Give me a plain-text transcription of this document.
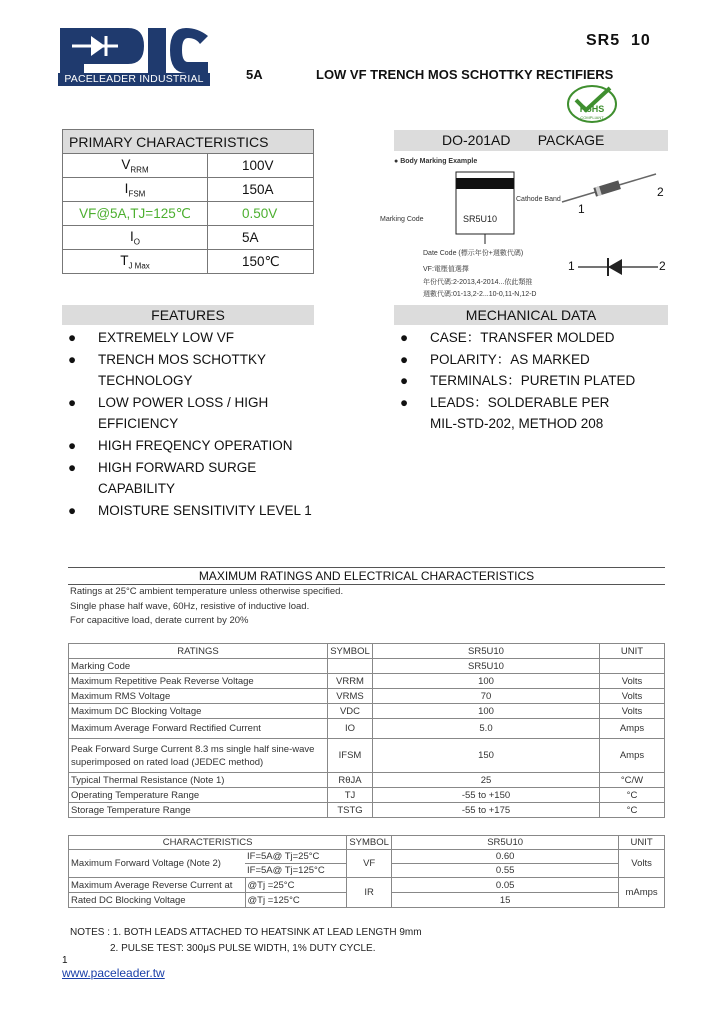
PACELEADER INDUSTRIAL
SR5  10
5A	LOW VF TRENCH MOS SCHOTTKY RECTIFIERS
RoHS
COMPLIANT
PRIMARY CHARACTERISTICS	
$V_{RRM}$	100V
$I_{FSM}$	150A
VF@5A,TJ=125℃	0.50V
$I_O$	5A
$T_{J Max}$	150℃
DO-201AD       PACKAGE
● Body Marking Example
SR5U10
Marking Code
Cathode Band
Date Code (標示年份+週數代碼)
1
2
1	2
VF:電壓值選擇
年份代碼:2-2013,4-2014...依此類推
週數代碼:01-13,2-2...10-0,11-N,12-D
FEATURES
● EXTREMELY LOW VF
● TRENCH MOS SCHOTTKY
TECHNOLOGY
● LOW POWER LOSS / HIGH
EFFICIENCY
● HIGH FREQENCY OPERATION
● HIGH FORWARD SURGE
CAPABILITY
● MOISTURE SENSITIVITY LEVEL 1
MECHANICAL DATA
● CASE：TRANSFER MOLDED
● POLARITY：AS MARKED
● TERMINALS：PURETIN PLATED
● LEADS：SOLDERABLE PER
MIL-STD-202, METHOD 208
MAXIMUM RATINGS AND ELECTRICAL CHARACTERISTICS
Ratings at 25°C ambient temperature unless otherwise specified.
Single phase half wave, 60Hz, resistive of inductive load.
For capacitive load, derate current by 20%
RATINGS	SYMBOL	SR5U10	UNIT
Marking Code		SR5U10	
Maximum Repetitive Peak Reverse Voltage	VRRM	100	Volts
Maximum RMS Voltage	VRMS	70	Volts
Maximum DC Blocking Voltage	VDC	100	Volts
Maximum Average Forward Rectified Current	IO	5.0	Amps
Peak Forward Surge Current 8.3 ms single half sine-wave superimposed on rated load (JEDEC method)	IFSM	150	Amps
Typical Thermal Resistance (Note 1)	RθJA	25	°C/W
Operating Temperature Range	TJ	-55 to +150	°C
Storage Temperature Range	TSTG	-55 to +175	°C
CHARACTERISTICS		SYMBOL	SR5U10	UNIT
Maximum Forward Voltage (Note 2)	IF=5A@ Tj=25°C	VF	0.60	Volts
	IF=5A@ Tj=125°C		0.55	
Maximum Average Reverse Current at	@Tj =25°C	IR	0.05	mAmps
Rated DC Blocking Voltage	@Tj =125°C		15	
NOTES : 1. BOTH LEADS ATTACHED TO HEATSINK AT LEAD LENGTH 9mm
2. PULSE TEST: 300μS PULSE WIDTH, 1% DUTY CYCLE.
1
www.paceleader.tw
